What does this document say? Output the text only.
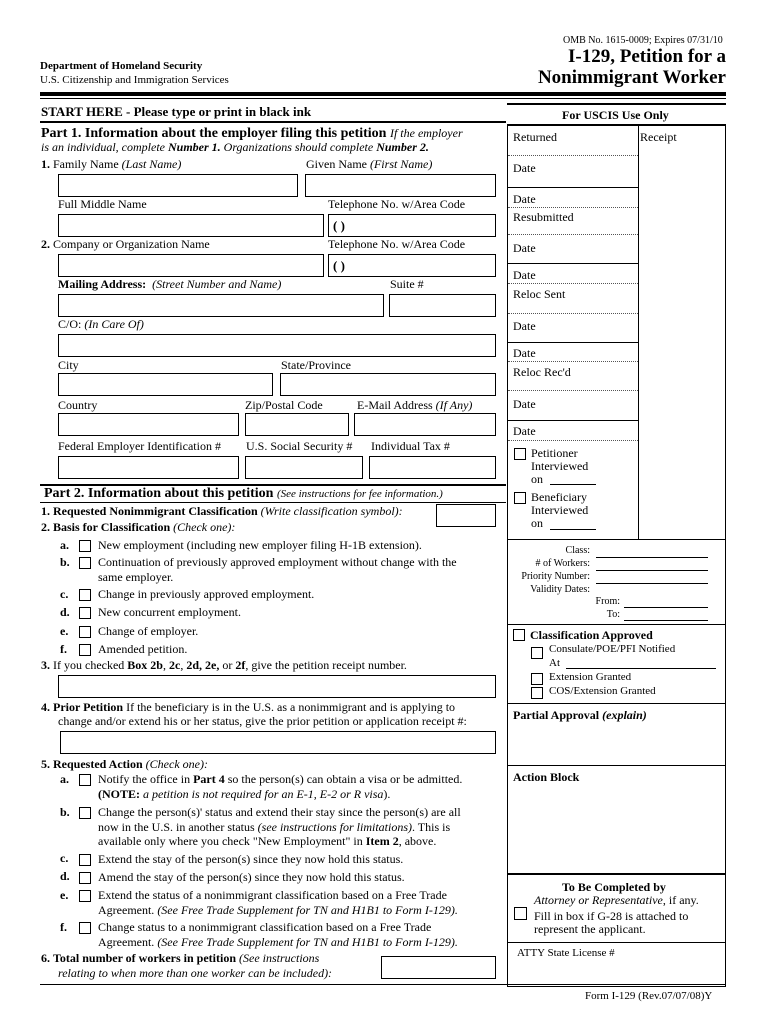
OMB No. 1615-0009; Expires 07/31/10
Department of Homeland Security
U.S. Citizenship and Immigration Services
I-129, Petition for a
Nonimmigrant Worker
START HERE - Please type or print in black ink
Part 1. Information about the employer filing this petition If the employer
is an individual, complete Number 1. Organizations should complete Number 2.
1. Family Name (Last Name)	Given Name (First Name)
Full Middle Name	Telephone No. w/Area Code
( )
2. Company or Organization Name	Telephone No. w/Area Code
( )
Mailing Address: (Street Number and Name)	Suite #
C/O: (In Care Of)
City	State/Province
Country	Zip/Postal Code	E-Mail Address (If Any)
Federal Employer Identification # U.S. Social Security # Individual Tax #
Part 2. Information about this petition (See instructions for fee information.)
1. Requested Nonimmigrant Classification (Write classification symbol):
2. Basis for Classification (Check one):
a. New employment (including new employer filing H-1B extension).
b. Continuation of previously approved employment without change with the
same employer.
c. Change in previously approved employment.
d. New concurrent employment.
e. Change of employer.
f.	Amended petition.
3. If you checked Box 2b, 2c, 2d, 2e, or 2f, give the petition receipt number.
4. Prior Petition If the beneficiary is in the U.S. as a nonimmigrant and is applying to
change and/or extend his or her status, give the prior petition or application receipt #:
5. Requested Action (Check one):
a. Notify the office in Part 4 so the person(s) can obtain a visa or be admitted.
(NOTE: a petition is not required for an E-1, E-2 or R visa).
b. Change the person(s)' status and extend their stay since the person(s) are all
now in the U.S. in another status (see instructions for limitations). This is
available only where you check "New Employment" in Item 2, above.
c. Extend the stay of the person(s) since they now hold this status.
d. Amend the stay of the person(s) since they now hold this status.
e. Extend the status of a nonimmigrant classification based on a Free Trade
Agreement. (See Free Trade Supplement for TN and H1B1 to Form I-129).
f.	Change status to a nonimmigrant classification based on a Free Trade
Agreement. (See Free Trade Supplement for TN and H1B1 to Form I-129).
6. Total number of workers in petition (See instructions
relating to when more than one worker can be included):
For USCIS Use Only
Returned	Receipt
Date
Date
Resubmitted
Date
Date
Reloc Sent
Date
Date
Reloc Rec'd
Date
Date
Petitioner
Interviewed
on
Beneficiary
Interviewed
on
Class:
# of Workers:
Priority Number:
Validity Dates:
From:
To:
Classification Approved
Consulate/POE/PFI Notified
At
Extension Granted
COS/Extension Granted
Partial Approval (explain)
Action Block
To Be Completed by
Attorney or Representative, if any.
Fill in box if G-28 is attached to
represent the applicant.
ATTY State License #
Form I-129 (Rev.07/07/08)Y
